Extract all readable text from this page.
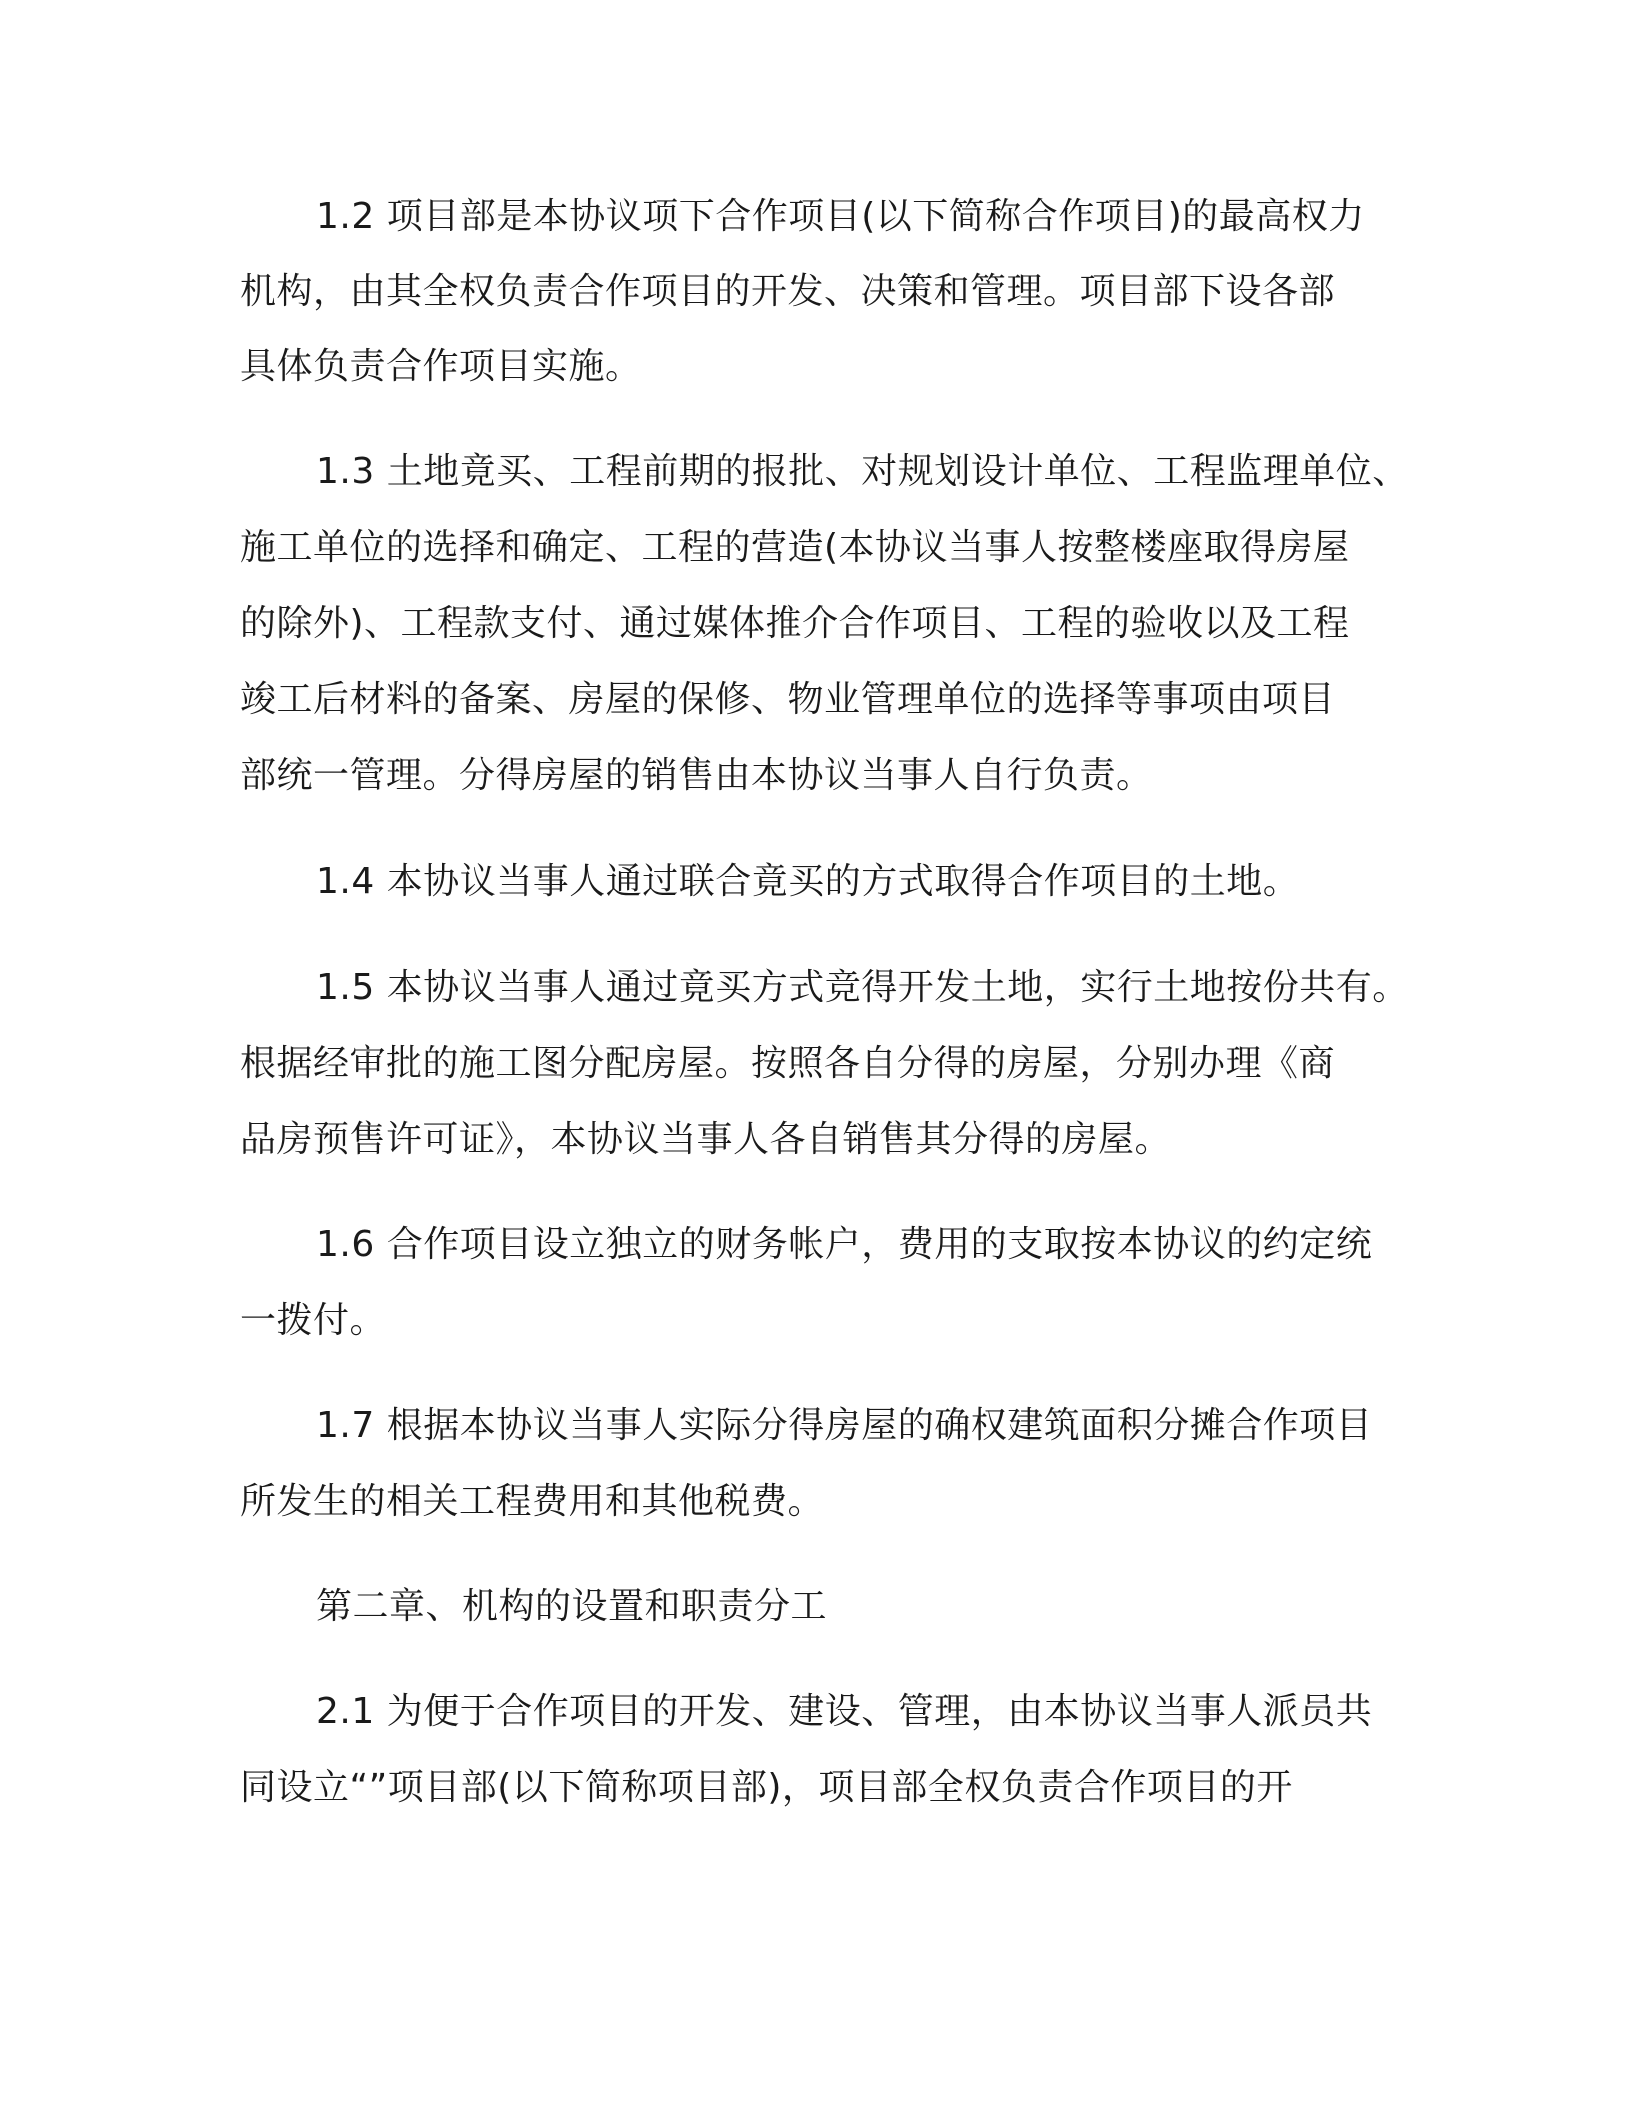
1.2 项目部是本协议项下合作项目(以下简称合作项目)的最高权力
机构，由其全权负责合作项目的开发、决策和管理。项目部下设各部
具体负责合作项目实施。
1.3 土地竟买、工程前期的报批、对规划设计单位、工程监理单位、
施工单位的选择和确定、工程的营造(本协议当事人按整楼座取得房屋
的除外)、工程款支付、通过媒体推介合作项目、工程的验收以及工程
竣工后材料的备案、房屋的保修、物业管理单位的选择等事项由项目
部统一管理。分得房屋的销售由本协议当事人自行负责。
1.4 本协议当事人通过联合竟买的方式取得合作项目的土地。
1.5 本协议当事人通过竟买方式竞得开发土地，实行土地按份共有。
根据经审批的施工图分配房屋。按照各自分得的房屋，分别办理《商
品房预售许可证》，本协议当事人各自销售其分得的房屋。
1.6 合作项目设立独立的财务帐户，费用的支取按本协议的约定统
一拨付。
1.7 根据本协议当事人实际分得房屋的确权建筑面积分摊合作项目
所发生的相关工程费用和其他税费。
第二章、机构的设置和职责分工
2.1 为便于合作项目的开发、建设、管理，由本协议当事人派员共
同设立“”项目部(以下简称项目部)，项目部全权负责合作项目的开
